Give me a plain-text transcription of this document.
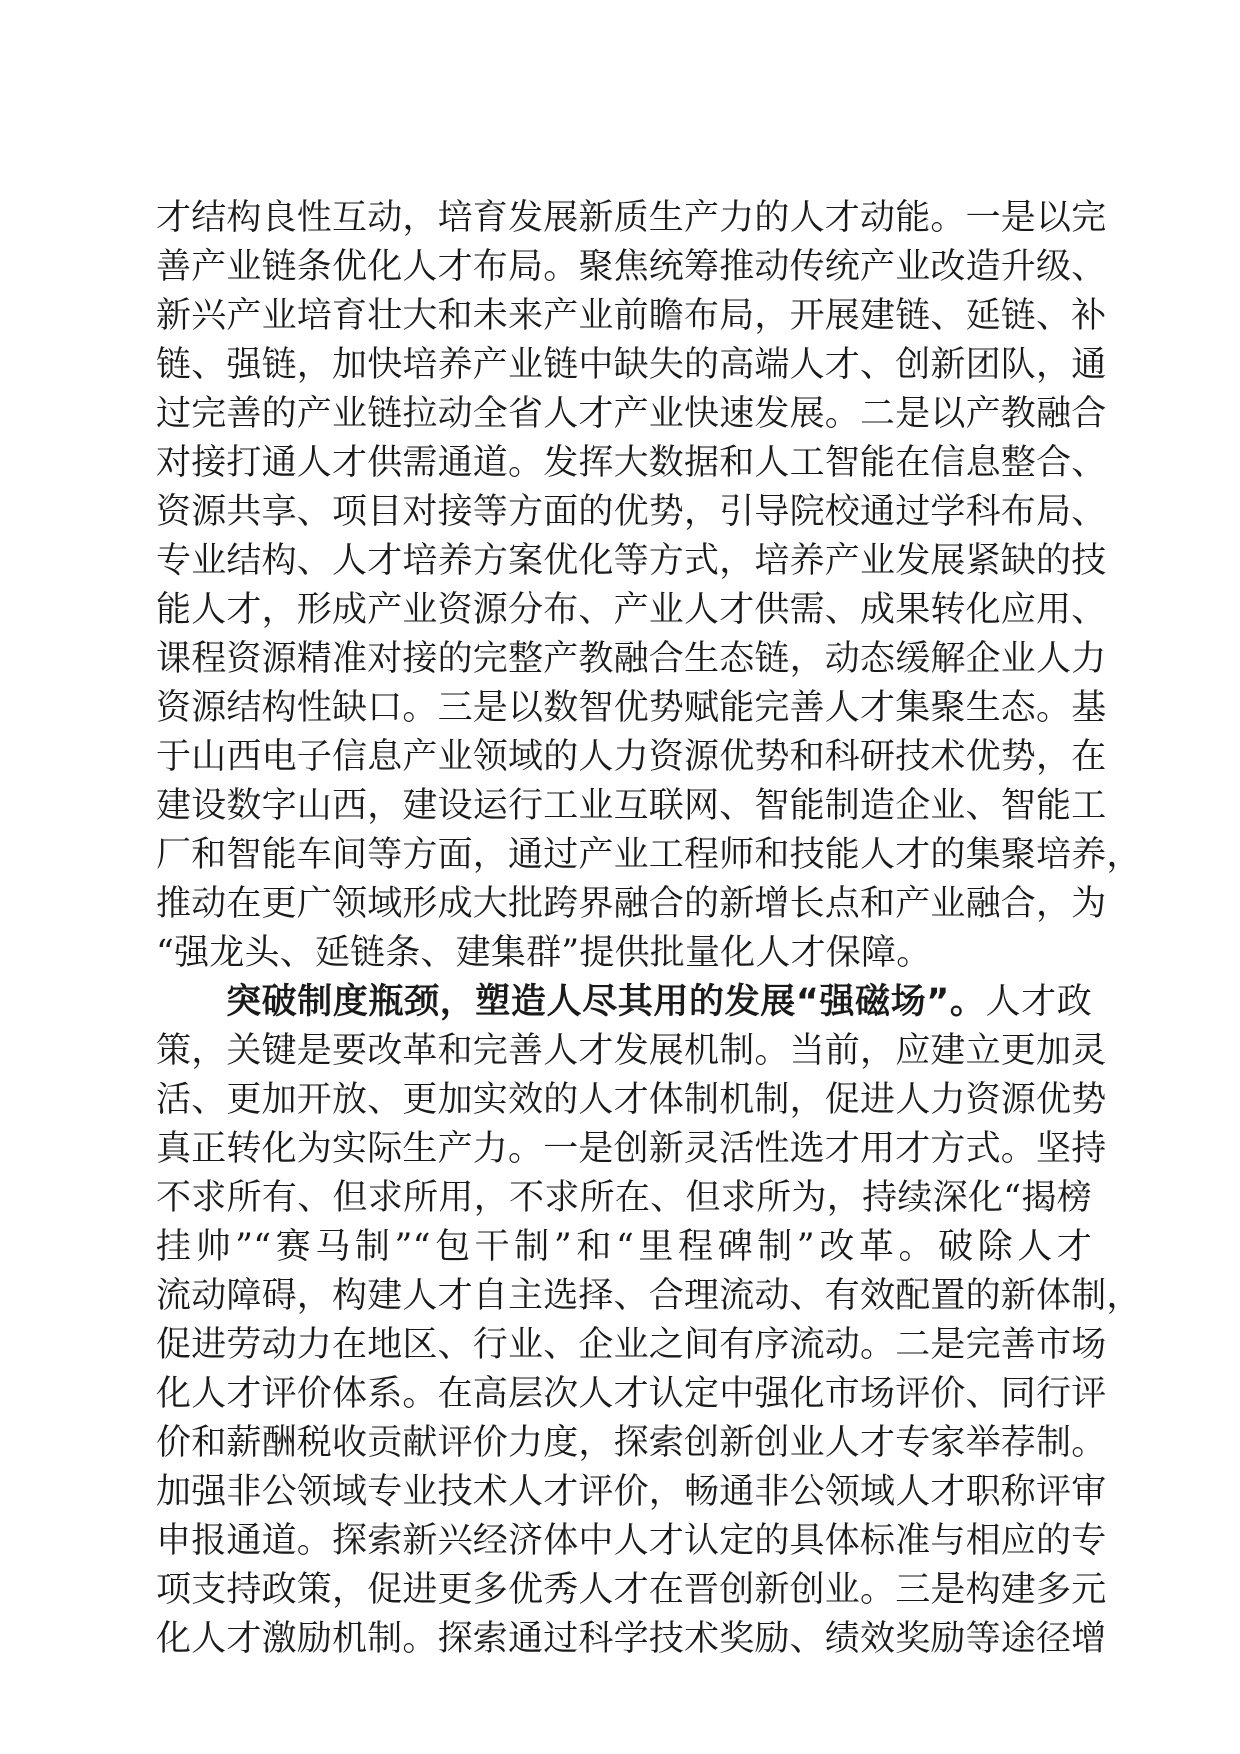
才结构良性互动，培育发展新质生产力的人才动能。一是以完
善产业链条优化人才布局。聚焦统筹推动传统产业改造升级、
新兴产业培育壮大和未来产业前瞻布局，开展建链、延链、补
链、强链，加快培养产业链中缺失的高端人才、创新团队，通
过完善的产业链拉动全省人才产业快速发展。二是以产教融合
对接打通人才供需通道。发挥大数据和人工智能在信息整合、
资源共享、项目对接等方面的优势，引导院校通过学科布局、
专业结构、人才培养方案优化等方式，培养产业发展紧缺的技
能人才，形成产业资源分布、产业人才供需、成果转化应用、
课程资源精准对接的完整产教融合生态链，动态缓解企业人力
资源结构性缺口。三是以数智优势赋能完善人才集聚生态。基
于山西电子信息产业领域的人力资源优势和科研技术优势，在
建设数字山西，建设运行工业互联网、智能制造企业、智能工
厂和智能车间等方面，通过产业工程师和技能人才的集聚培养，
推动在更广领域形成大批跨界融合的新增长点和产业融合，为
“强龙头、延链条、建集群”提供批量化人才保障。
突破制度瓶颈，塑造人尽其用的发展“强磁场”。人才政
策，关键是要改革和完善人才发展机制。当前，应建立更加灵
活、更加开放、更加实效的人才体制机制，促进人力资源优势
真正转化为实际生产力。一是创新灵活性选才用才方式。坚持
不求所有、但求所用，不求所在、但求所为，持续深化“揭榜
挂帅”“赛马制”“包干制”和“里程碑制”改革。破除人才
流动障碍，构建人才自主选择、合理流动、有效配置的新体制，
促进劳动力在地区、行业、企业之间有序流动。二是完善市场
化人才评价体系。在高层次人才认定中强化市场评价、同行评
价和薪酬税收贡献评价力度，探索创新创业人才专家举荐制。
加强非公领域专业技术人才评价，畅通非公领域人才职称评审
申报通道。探索新兴经济体中人才认定的具体标准与相应的专
项支持政策，促进更多优秀人才在晋创新创业。三是构建多元
化人才激励机制。探索通过科学技术奖励、绩效奖励等途径增
